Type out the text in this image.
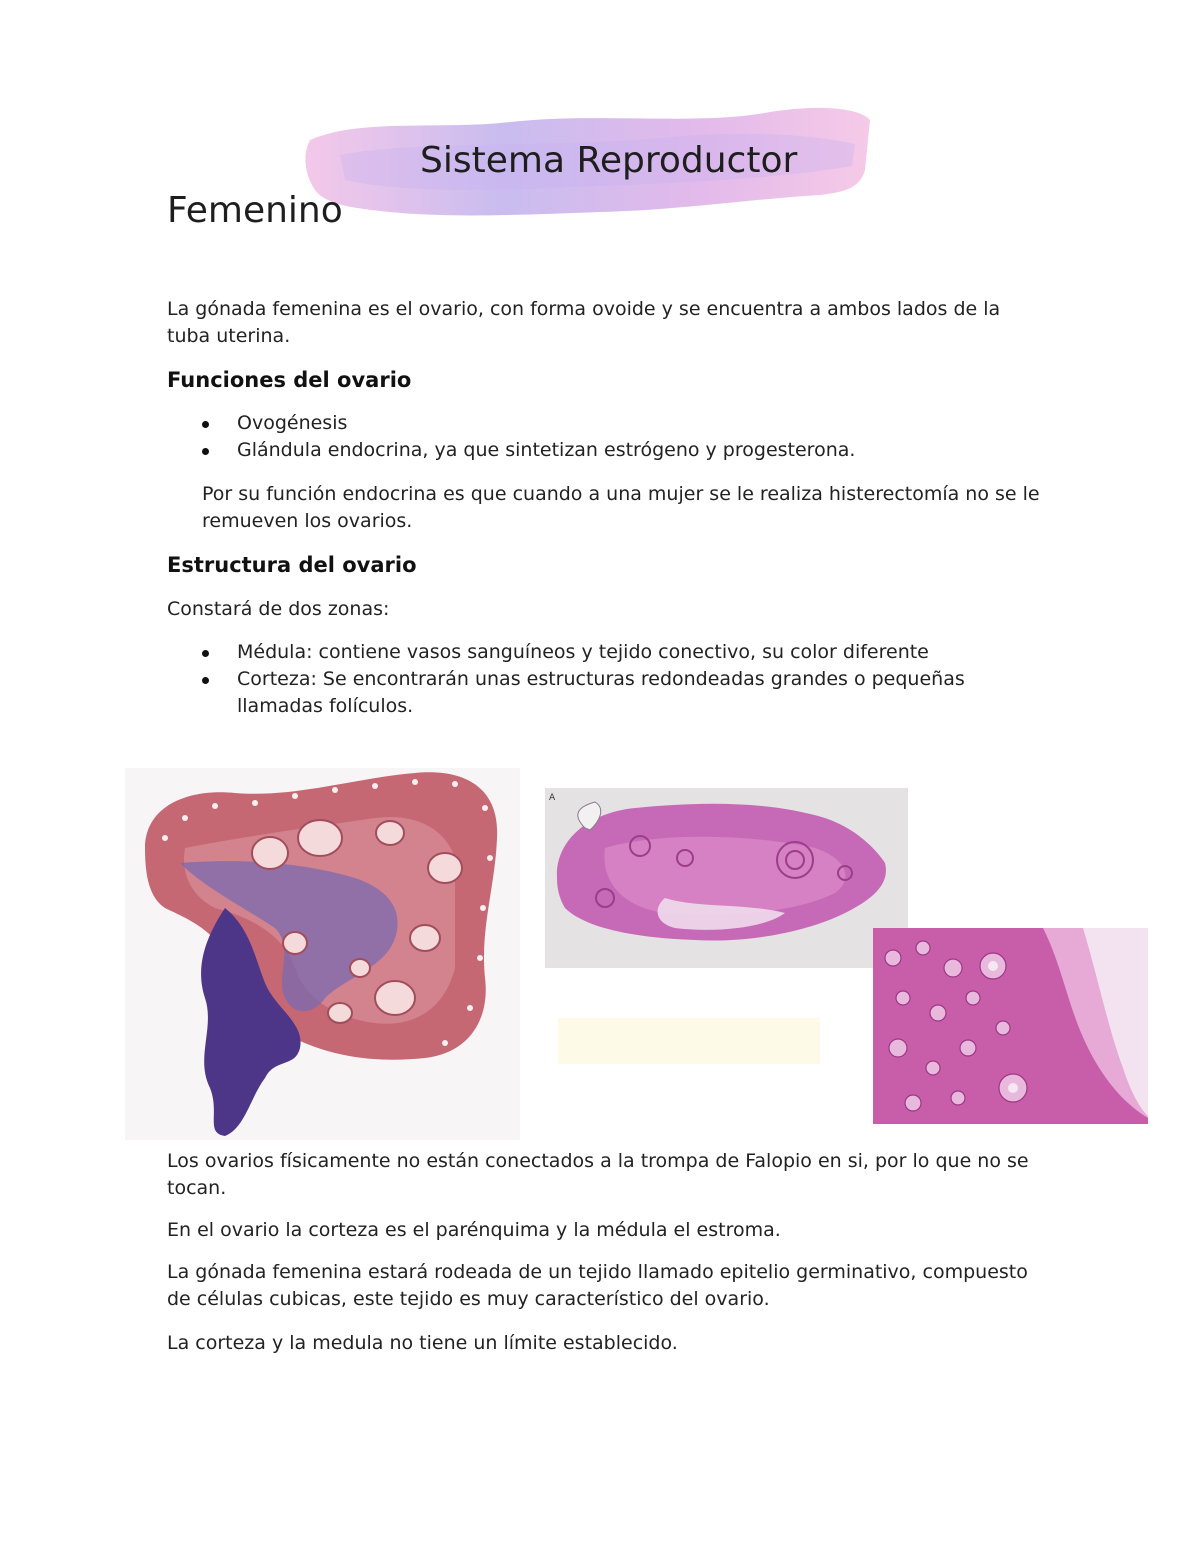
Sistema Reproductor
Femenino
La gónada femenina es el ovario, con forma ovoide y se encuentra a ambos lados de la tuba uterina.
Funciones del ovario
Ovogénesis
Glándula endocrina, ya que sintetizan estrógeno y progesterona.
Por su función endocrina es que cuando a una mujer se le realiza histerectomía no se le remueven los ovarios.
Estructura del ovario
Constará de dos zonas:
Médula: contiene vasos sanguíneos y tejido conectivo, su color diferente
Corteza: Se encontrarán unas estructuras redondeadas grandes o pequeñas llamadas folículos.
A
Los ovarios físicamente no están conectados a la trompa de Falopio en si, por lo que no se tocan.
En el ovario la corteza es el parénquima y la médula el estroma.
La gónada femenina estará rodeada de un tejido llamado epitelio germinativo, compuesto de células cubicas, este tejido es muy característico del ovario.
La corteza y la medula no tiene un límite establecido.
